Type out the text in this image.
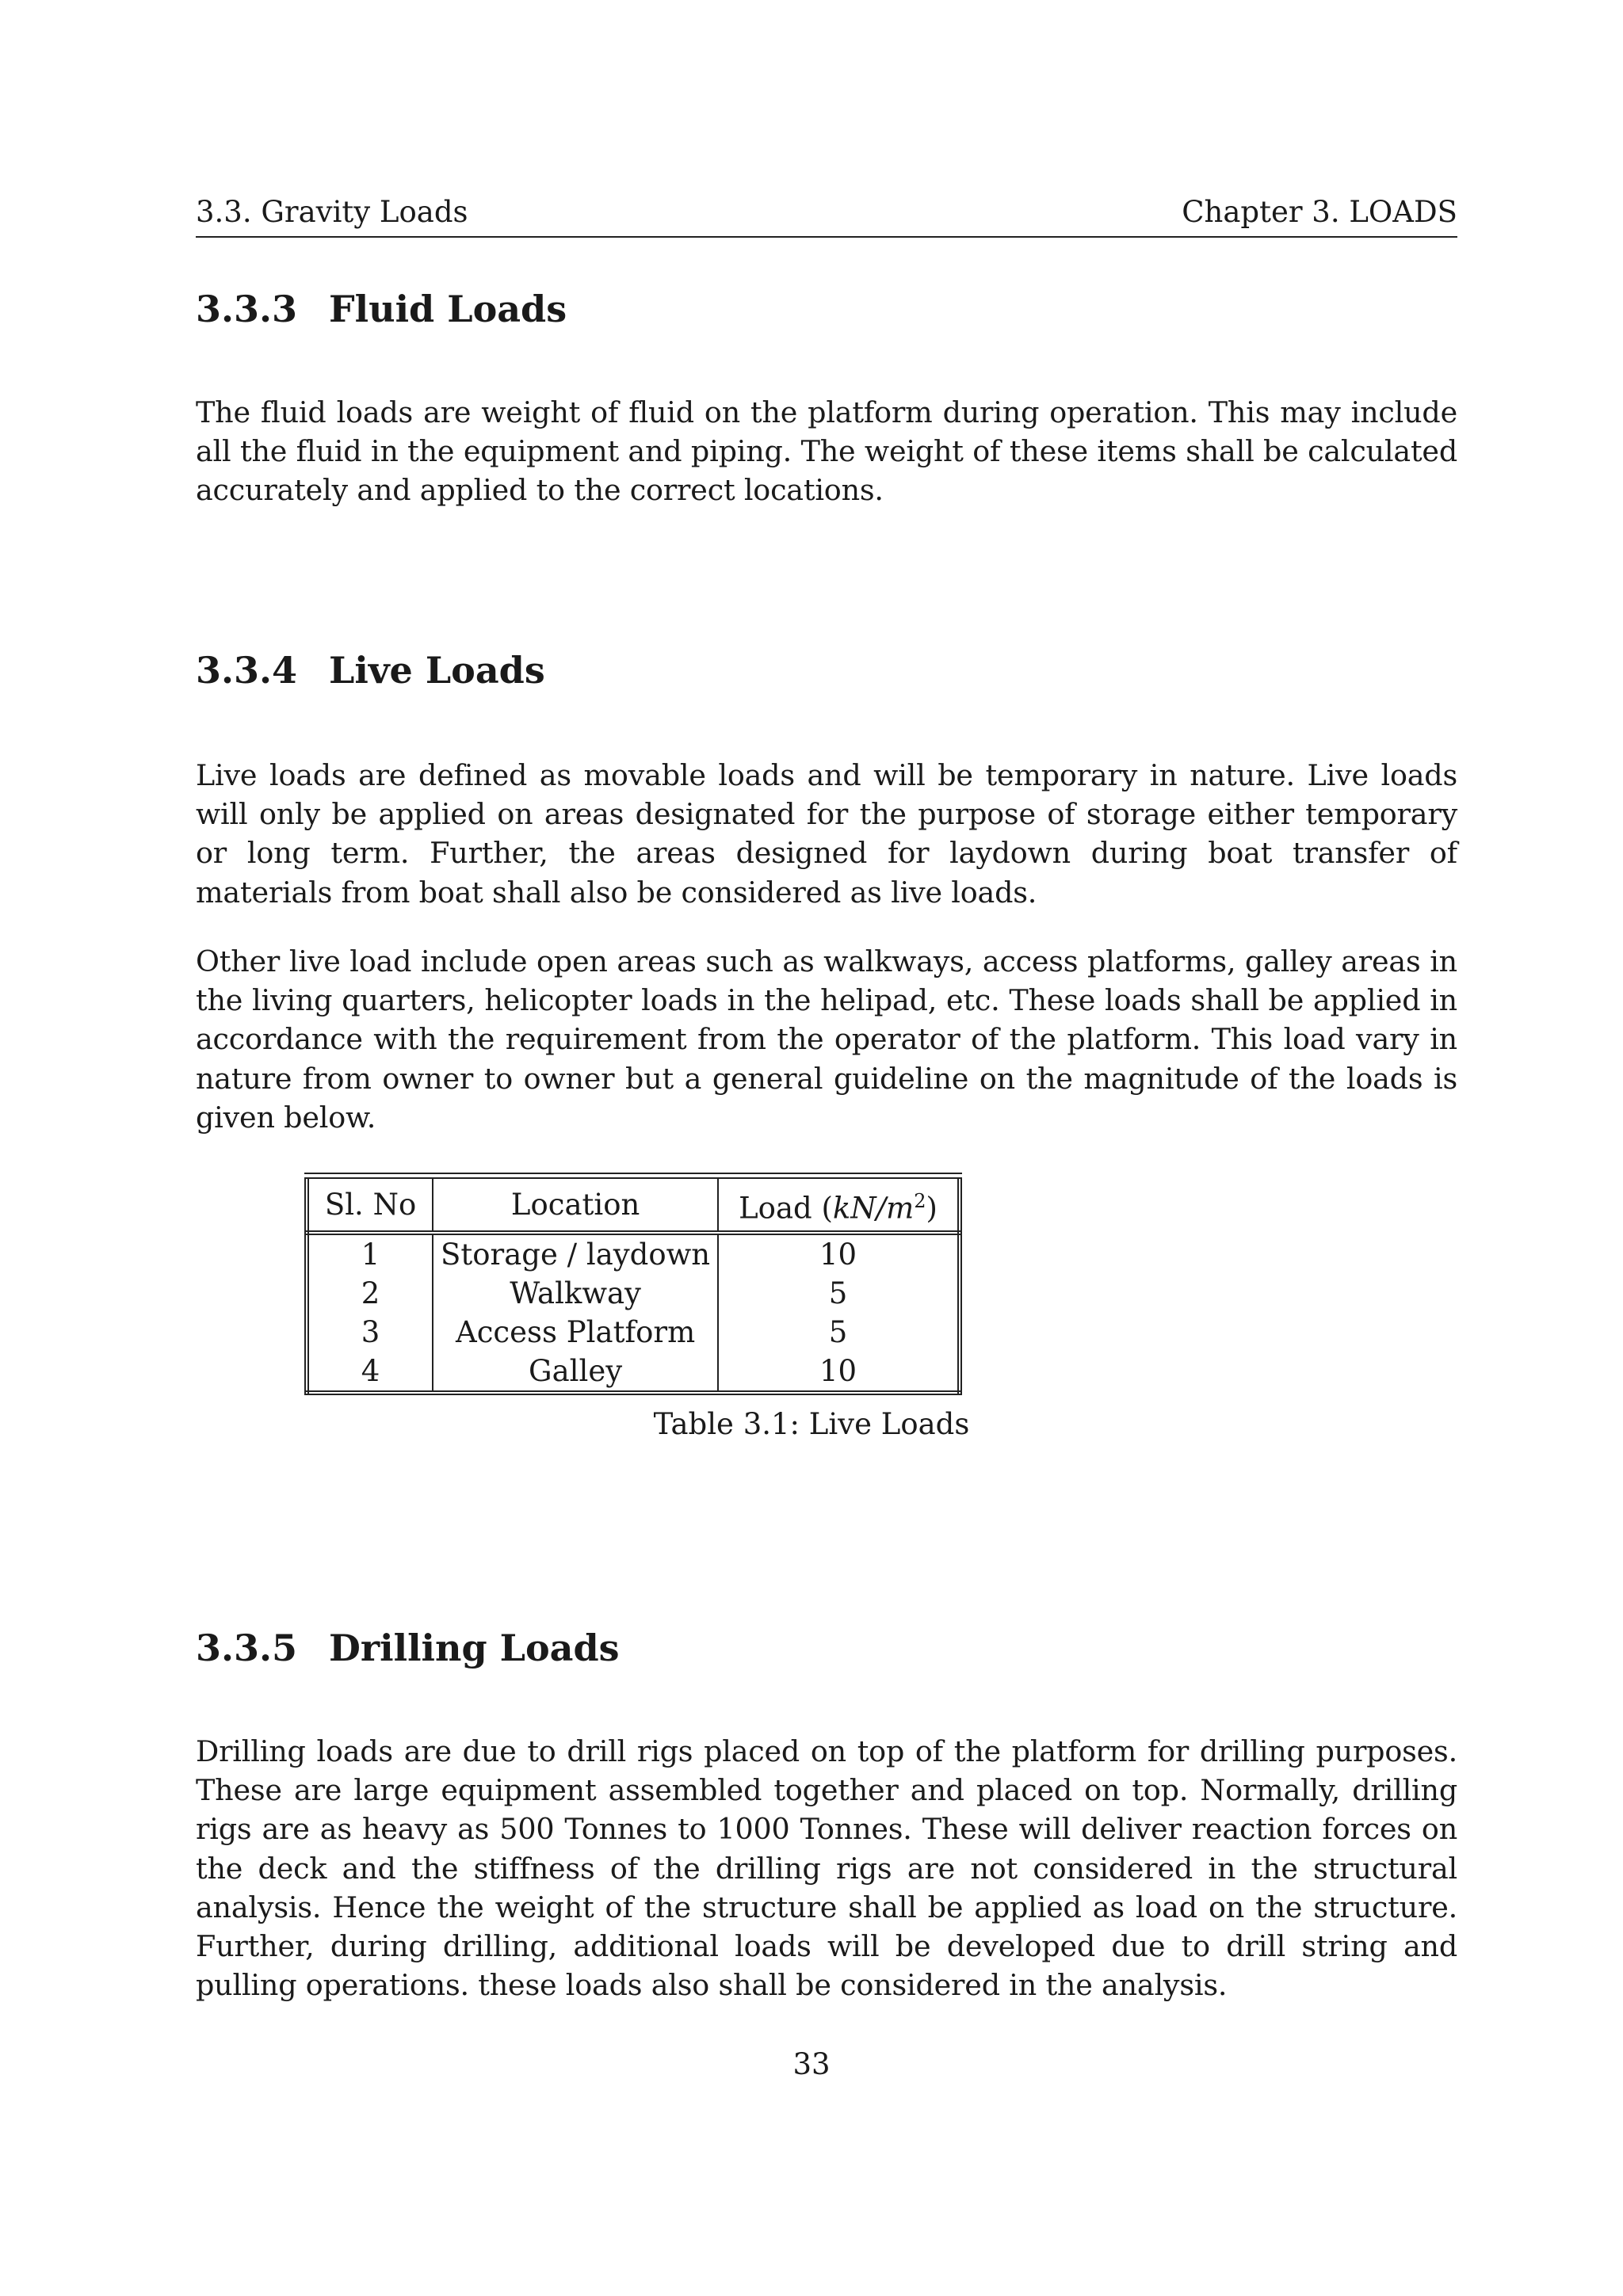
3.3. Gravity Loads	Chapter 3. LOADS
3.3.3 Fluid Loads

The fluid loads are weight of fluid on the platform during operation. This may include all the fluid in the equipment and piping. The weight of these items shall be calculated accurately and applied to the correct locations.

3.3.4 Live Loads

Live loads are defined as movable loads and will be temporary in nature. Live loads will only be applied on areas designated for the purpose of storage either temporary or long term. Further, the areas designed for laydown during boat transfer of materials from boat shall also be considered as live loads.

Other live load include open areas such as walkways, access platforms, galley areas in the living quarters, helicopter loads in the helipad, etc. These loads shall be applied in accordance with the requirement from the operator of the platform. This load vary in nature from owner to owner but a general guideline on the magnitude of the loads is given below.

3.3.5 Drilling Loads

Drilling loads are due to drill rigs placed on top of the platform for drilling purposes. These are large equipment assembled together and placed on top. Normally, drilling rigs are as heavy as 500 Tonnes to 1000 Tonnes. These will deliver reaction forces on the deck and the stiffness of the drilling rigs are not considered in the structural analysis. Hence the weight of the structure shall be applied as load on the structure. Further, during drilling, additional loads will be developed due to drill string and pulling operations. these loads also shall be considered in the analysis.

Sl. No	Location	Load $(kN/m^2)$
1	Storage / laydown	10
2	Walkway	5
3	Access Platform	5
4	Galley	10
Table 3.1: Live Loads
33
